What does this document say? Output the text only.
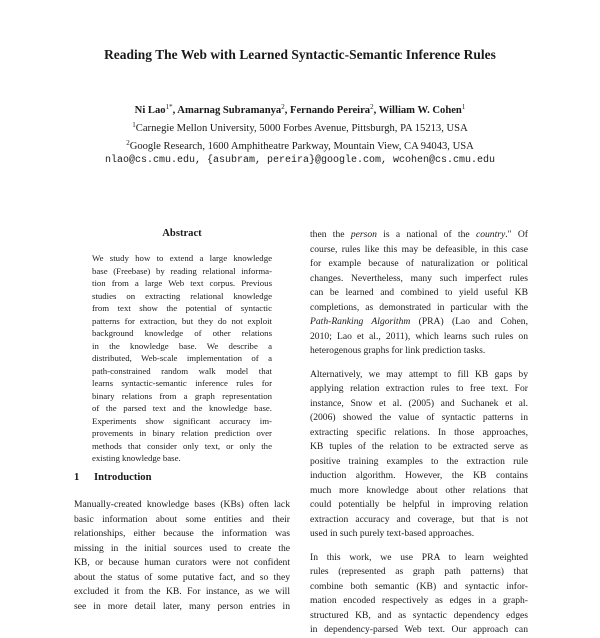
Reading The Web with Learned Syntactic-Semantic Inference Rules
Ni Lao$^{1*}$, Amarnag Subramanya$^2$, Fernando Pereira$^2$, William W. Cohen$^1$
$^1$Carnegie Mellon University, 5000 Forbes Avenue, Pittsburgh, PA 15213, USA
$^2$Google Research, 1600 Amphitheatre Parkway, Mountain View, CA 94043, USA
nlao@cs.cmu.edu, {asubram, pereira}@google.com, wcohen@cs.cmu.edu
Abstract
We study how to extend a large knowledge
base (Freebase) by reading relational informa-
tion from a large Web text corpus. Previous
studies on extracting relational knowledge
from text show the potential of syntactic
patterns for extraction, but they do not exploit
background knowledge of other relations
in the knowledge base. We describe a
distributed, Web-scale implementation of a
path-constrained random walk model that
learns syntactic-semantic inference rules for
binary relations from a graph representation
of the parsed text and the knowledge base.
Experiments show significant accuracy im-
provements in binary relation prediction over
methods that consider only text, or only the
existing knowledge base.
1 Introduction
Manually-created knowledge bases (KBs) often lack
basic information about some entities and their
relationships, either because the information was
missing in the initial sources used to create the
KB, or because human curators were not confident
about the status of some putative fact, and so they
excluded it from the KB. For instance, as we will
see in more detail later, many person entries in
then the person is a national of the country." Of
course, rules like this may be defeasible, in this case
for example because of naturalization or political
changes. Nevertheless, many such imperfect rules
can be learned and combined to yield useful KB
completions, as demonstrated in particular with the
Path-Ranking Algorithm (PRA) (Lao and Cohen,
2010; Lao et al., 2011), which learns such rules on
heterogenous graphs for link prediction tasks.
Alternatively, we may attempt to fill KB gaps by
applying relation extraction rules to free text. For
instance, Snow et al. (2005) and Suchanek et al.
(2006) showed the value of syntactic patterns in
extracting specific relations. In those approaches,
KB tuples of the relation to be extracted serve as
positive training examples to the extraction rule
induction algorithm. However, the KB contains
much more knowledge about other relations that
could potentially be helpful in improving relation
extraction accuracy and coverage, but that is not
used in such purely text-based approaches.
In this work, we use PRA to learn weighted
rules (represented as graph path patterns) that
combine both semantic (KB) and syntactic infor-
mation encoded respectively as edges in a graph-
structured KB, and as syntactic dependency edges
in dependency-parsed Web text. Our approach can
